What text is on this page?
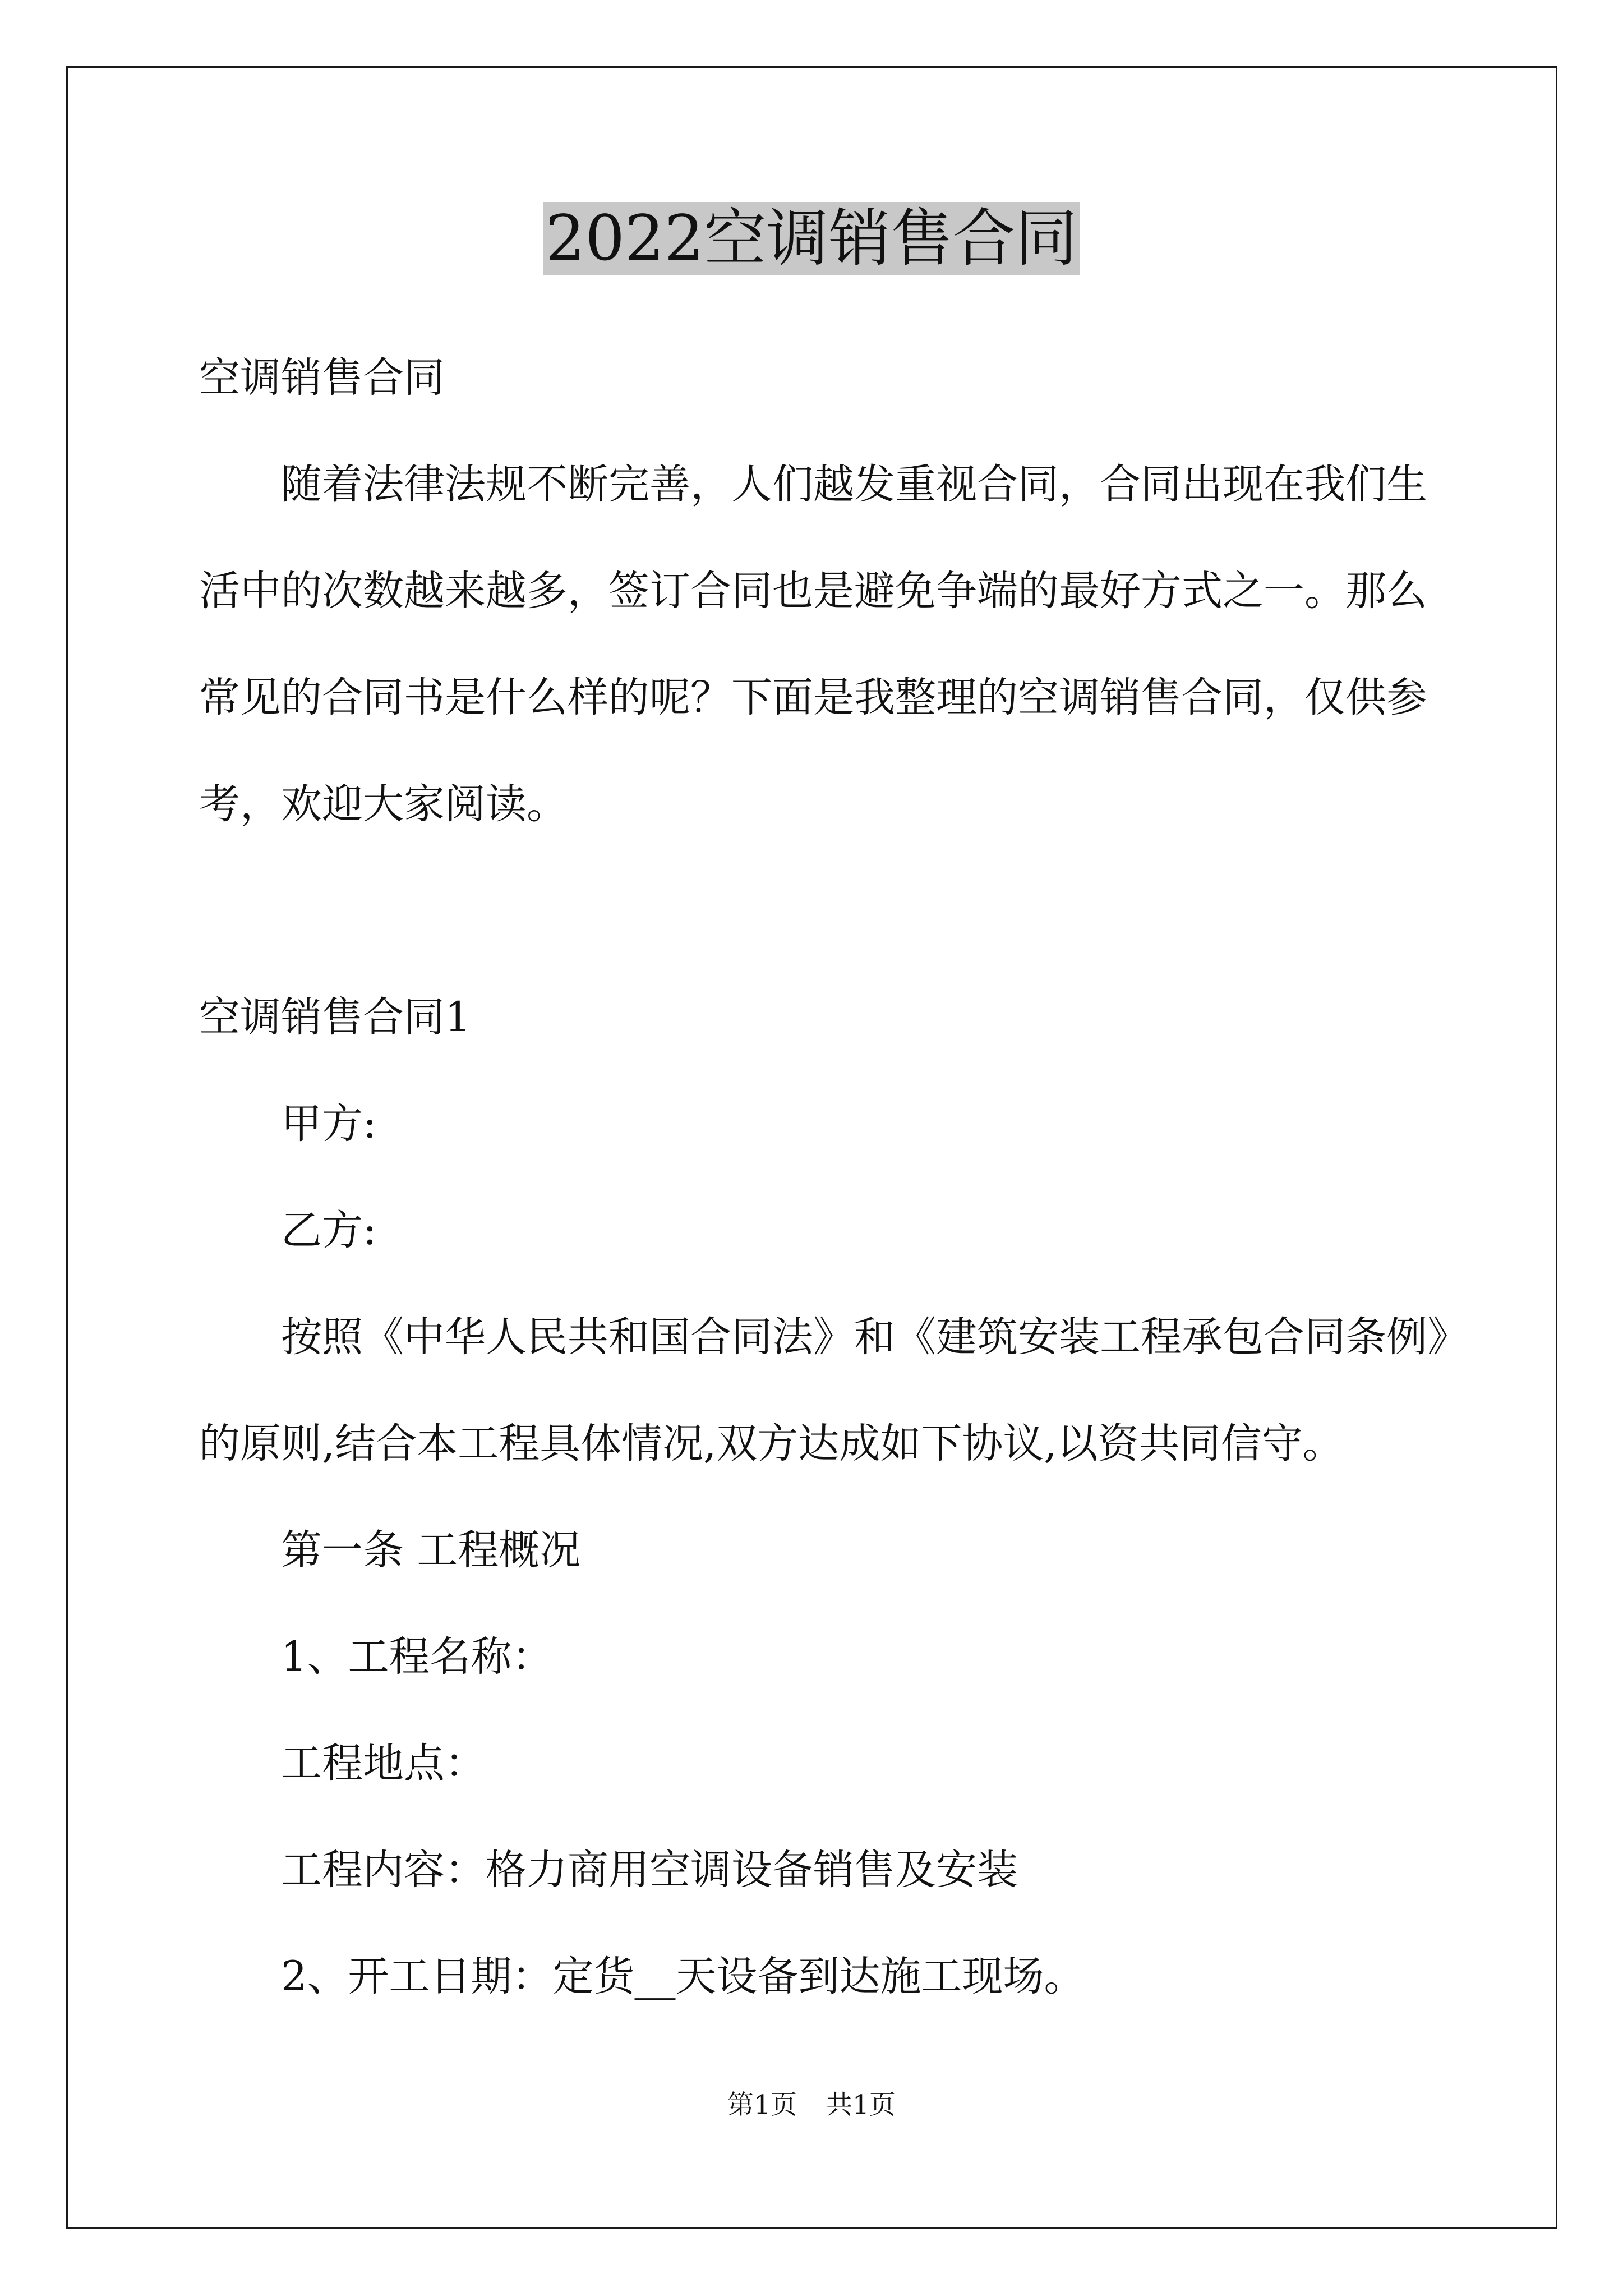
2022空调销售合同
空调销售合同
随着法律法规不断完善，人们越发重视合同，合同出现在我们生
活中的次数越来越多，签订合同也是避免争端的最好方式之一。那么
常见的合同书是什么样的呢？下面是我整理的空调销售合同，仅供参
考，欢迎大家阅读。
空调销售合同1
甲方:
乙方:
按照《中华人民共和国合同法》和《建筑安装工程承包合同条例》
的原则,结合本工程具体情况,双方达成如下协议,以资共同信守。
第一条 工程概况
1、工程名称：
工程地点：
工程内容：格力商用空调设备销售及安装
2、开工日期：定货__天设备到达施工现场。
第1页 共1页
